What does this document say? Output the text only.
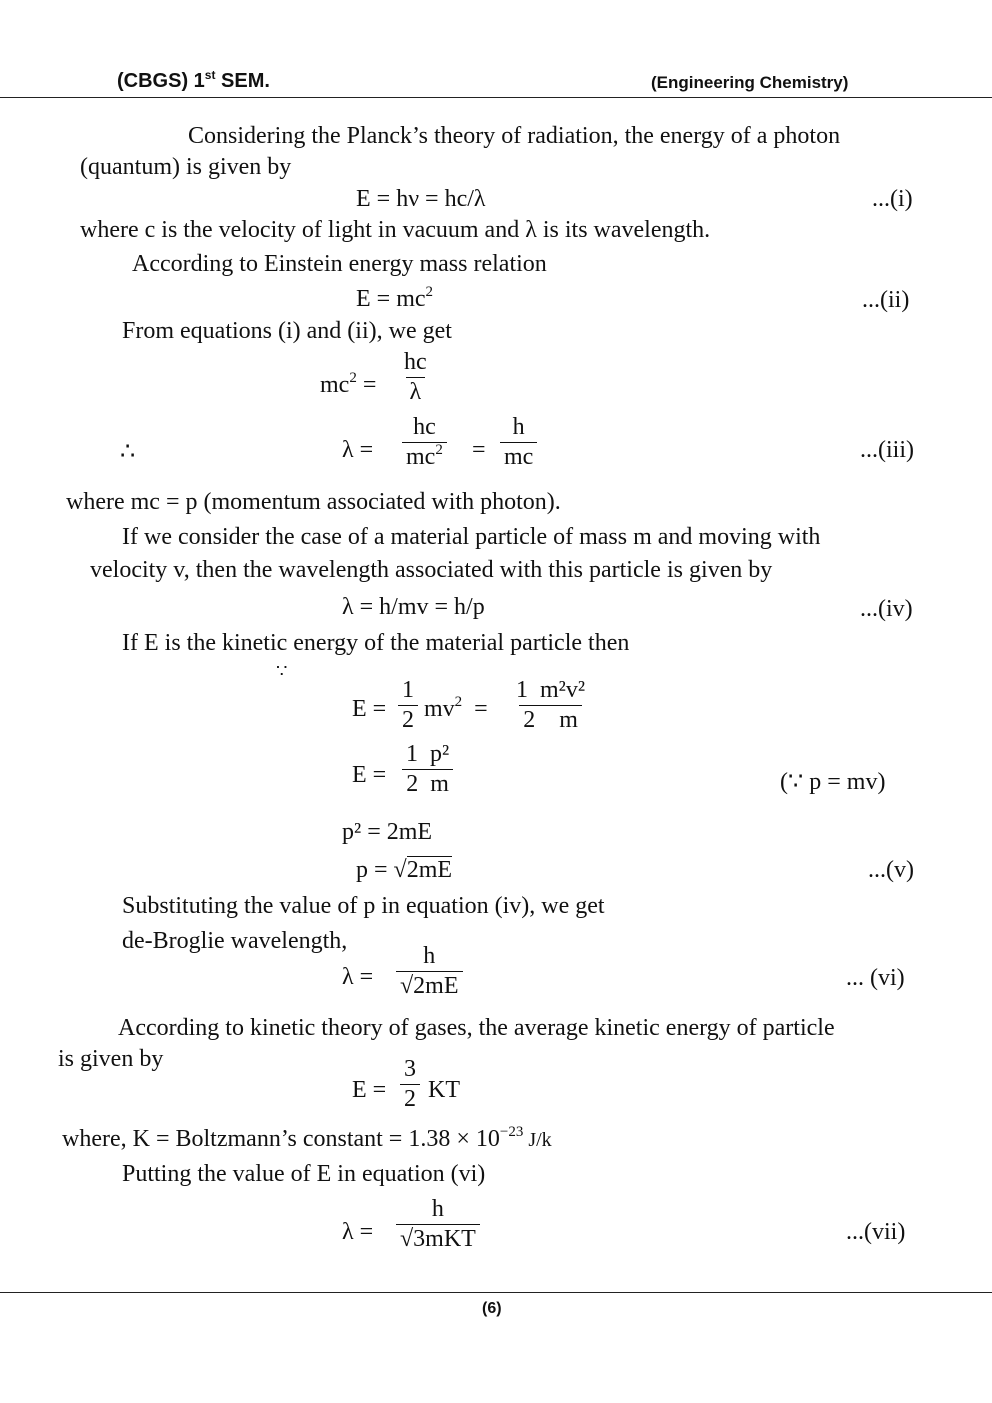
(CBGS) 1st SEM.	(Engineering Chemistry)
Considering the Planck’s theory of radiation, the energy of a photon
(quantum) is given by
E = hν = hc/λ	...(i)
where c is the velocity of light in vacuum and λ is its wavelength.
According to Einstein energy mass relation
$E = mc^2$	...(ii)
From equations (i) and (ii), we get
$mc^2 = \frac{hc}{\lambda}$
∴	$\lambda = \frac{hc}{mc^2} = \frac{h}{mc}$	...(iii)
where mc = p (momentum associated with photon).
If we consider the case of a material particle of mass m and moving with
velocity v, then the wavelength associated with this particle is given by
λ = h/mv = h/p	...(iv)
If E is the kinetic energy of the material particle then
∵
$E = \frac{1}{2} mv^2 = \frac{\text{1  m²v²}}{2 m}$
$E = \frac{\text{1  p²}}{2 m}$	(∵ p = mv)
p² = 2mE
p = √2mE	...(v)
Substituting the value of p in equation (iv), we get
de-Broglie wavelength,
$\lambda = \frac{h}{√2mE}$	... (vi)
According to kinetic theory of gases, the average kinetic energy of particle
is given by
$E = \frac{3}{2}$ KT
where, K = Boltzmann’s constant = $1.38 \times 10^{-23}$ J/k
Putting the value of E in equation (vi)
λ =
h
√3mKT	...(vii)
(6)
